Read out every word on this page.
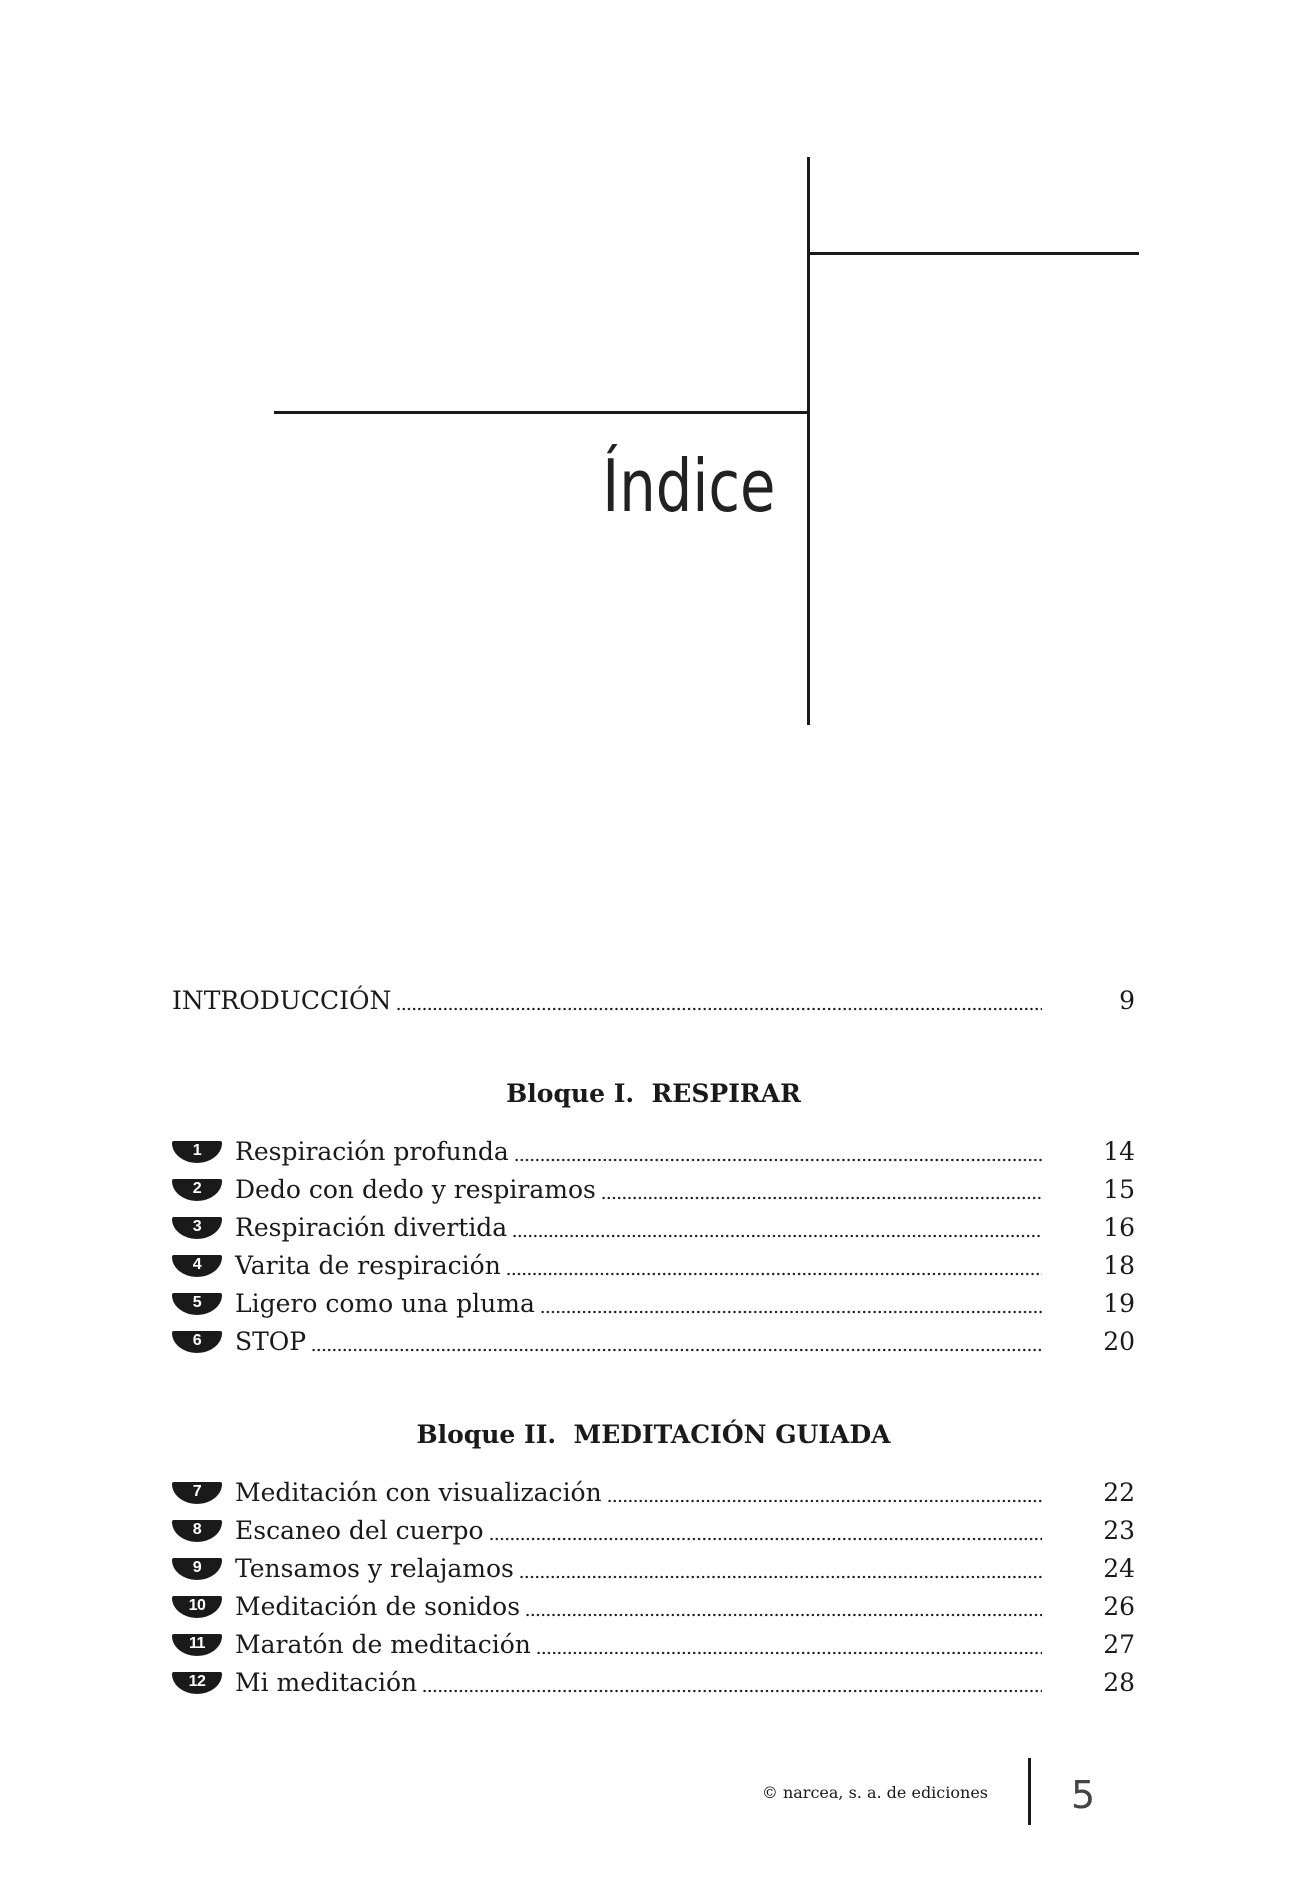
Índice
INTRODUCCIÓN	9
Bloque I.  RESPIRAR
1	Respiración profunda	14
2	Dedo con dedo y respiramos	15
3	Respiración divertida	16
4	Varita de respiración	18
5	Ligero como una pluma	19
6	STOP	20
Bloque II.  MEDITACIÓN GUIADA
7	Meditación con visualización	22
8	Escaneo del cuerpo	23
9	Tensamos y relajamos	24
10	Meditación de sonidos	26
11	Maratón de meditación	27
12	Mi meditación	28
© narcea, s. a. de ediciones 5
